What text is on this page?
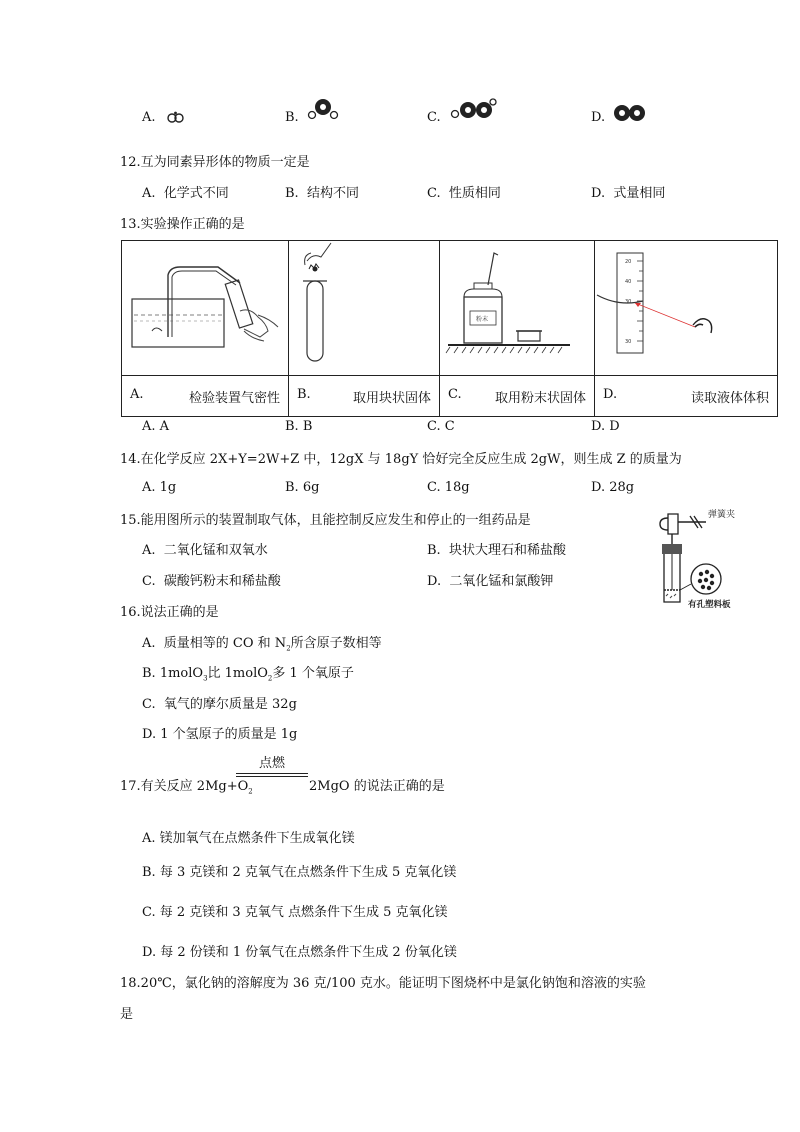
A.	B.	C.	D.
12.互为同素异形体的物质一定是
A. 化学式不同	B. 结构不同	C. 性质相同	D. 式量相同
13.实验操作正确的是

粉末	20
40
30
30

A. 检验装置气密性	B. 取用块状固体	C. 取用粉末状固体	D. 读取液体体积
A. A	B. B	C. C	D. D
14.在化学反应 2X+Y=2W+Z 中，12gX 与 18gY 恰好完全反应生成 2gW，则生成 Z 的质量为
A. 1g	B. 6g	C. 18g	D. 28g
15.能用图所示的装置制取气体，且能控制反应发生和停止的一组药品是
A. 二氧化锰和双氧水	B. 块状大理石和稀盐酸
C. 碳酸钙粉末和稀盐酸	D. 二氧化锰和氯酸钾
弹簧夹
有孔塑料板
16.说法正确的是
A. 质量相等的 CO 和 $N_2$所含原子数相等
B. 1molO$_3$比 1molO$_2$多 1 个氧原子
C. 氧气的摩尔质量是 32g
D. 1 个氢原子的质量是 1g
17.有关反应 $2Mg+O_2$
点燃
2MgO 的说法正确的是
A. 镁加氧气在点燃条件下生成氧化镁
B. 每 3 克镁和 2 克氧气在点燃条件下生成 5 克氧化镁
C. 每 2 克镁和 3 克氧气 点燃条件下生成 5 克氧化镁
D. 每 2 份镁和 1 份氧气在点燃条件下生成 2 份氧化镁
18.20℃，氯化钠的溶解度为 36 克/100 克水。能证明下图烧杯中是氯化钠饱和溶液的实验
是
